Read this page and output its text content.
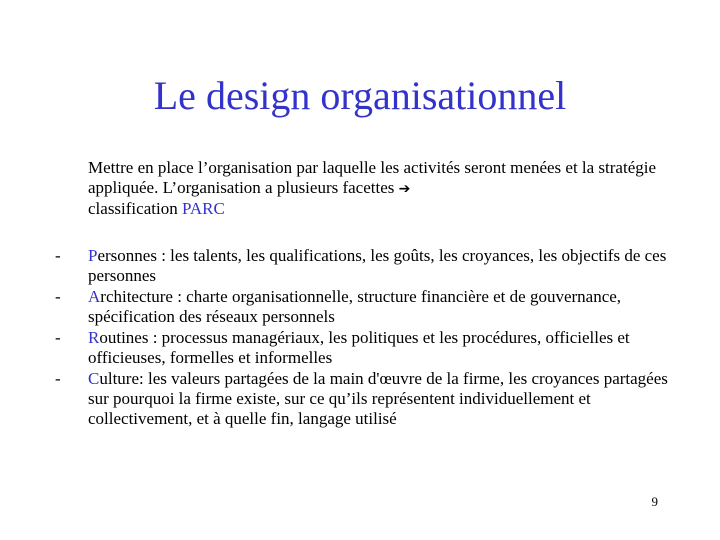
Le design organisationnel
Mettre en place l’organisation par laquelle les activités seront menées et la stratégie appliquée. L’organisation a plusieurs facettes ➔
classification PARC
-	Personnes : les talents, les qualifications, les goûts, les croyances, les objectifs de ces personnes
-	Architecture : charte organisationnelle, structure financière et de gouvernance, spécification des réseaux personnels
-	Routines : processus managériaux, les politiques et les procédures, officielles et officieuses, formelles et informelles
-	Culture: les valeurs partagées de la main d'œuvre de la firme, les croyances partagées sur pourquoi la firme existe, sur ce qu’ils représentent individuellement et collectivement, et à quelle fin, langage utilisé
9
